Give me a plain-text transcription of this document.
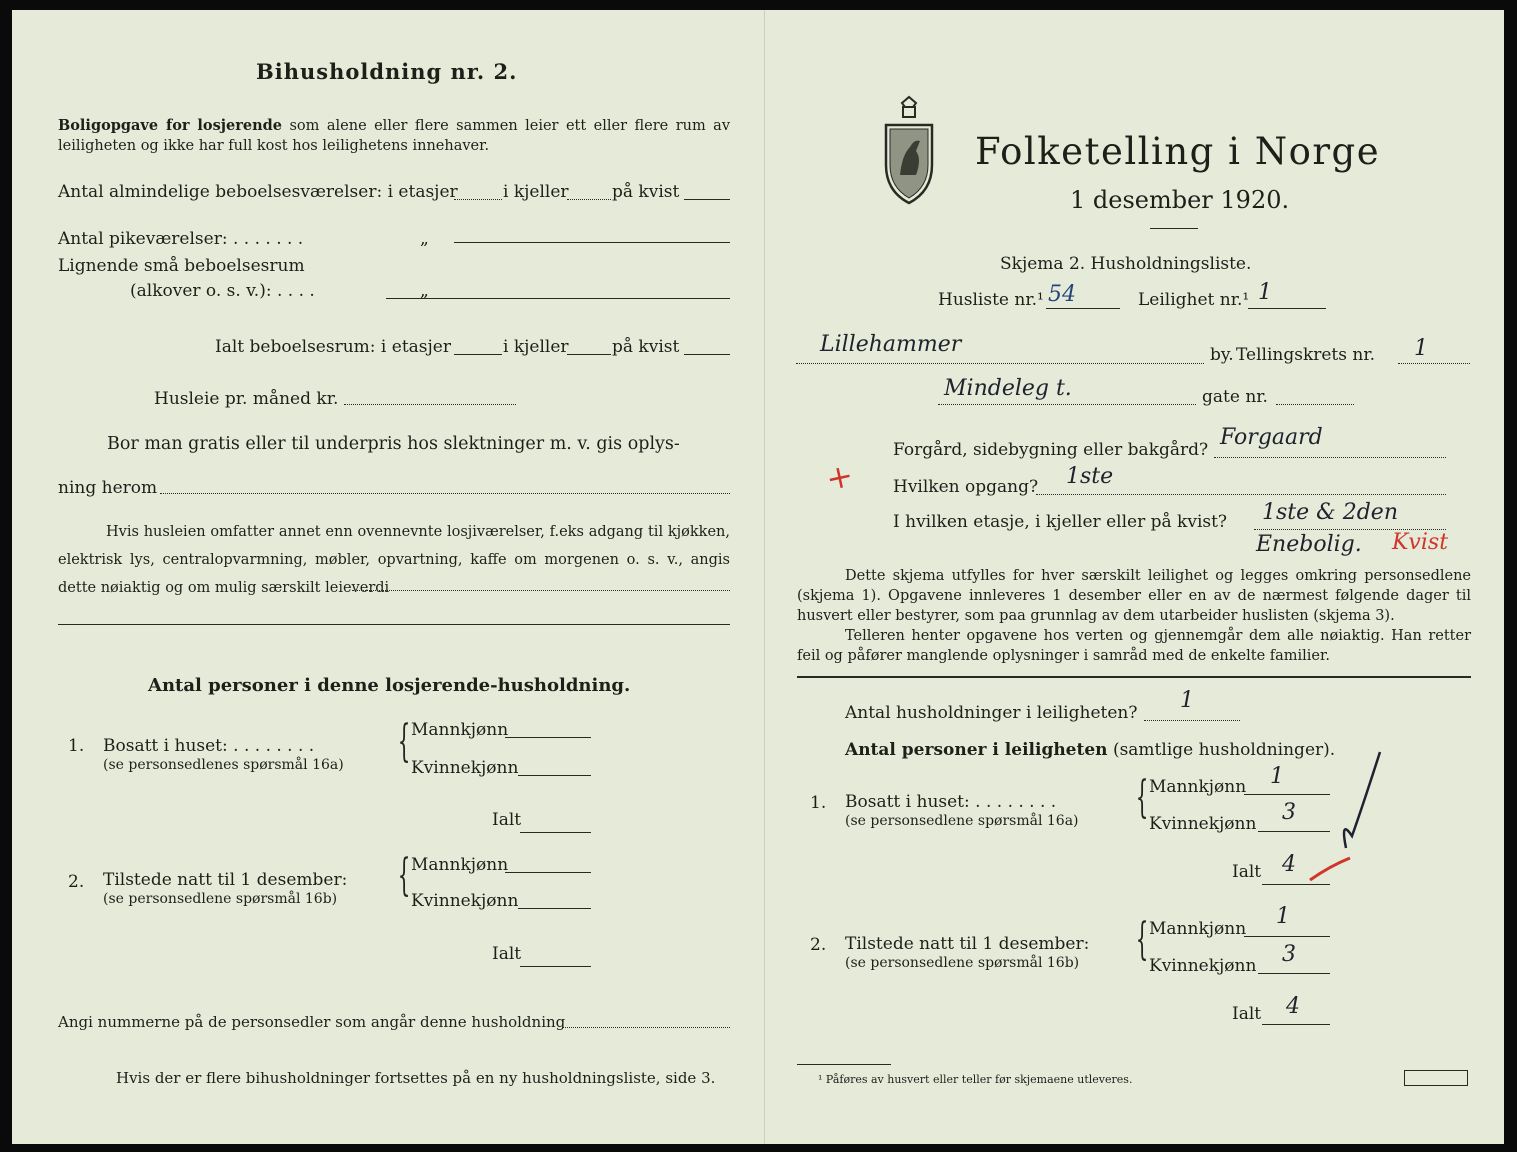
Bihusholdning nr. 2.
Boligopgave for losjerende som alene eller flere sammen leier ett eller flere rum av leiligheten og ikke har full kost hos leilighetens innehaver.
Antal almindelige beboelsesværelser: i etasjer	i kjeller	på kvist
Antal pikeværelser: . . . . . . .	„
Lignende små beboelsesrum
(alkover o. s. v.): . . . .	„
Ialt beboelsesrum: i etasjer	i kjeller	på kvist
Husleie pr. måned kr.
Bor man gratis eller til underpris hos slektninger m. v. gis oplys-
ning herom
Hvis husleien omfatter annet enn ovennevnte losjiværelser, f.eks adgang til kjøkken, elektrisk lys, centralopvarmning, møbler, opvartning, kaffe om morgenen o. s. v., angis dette nøiaktig og om mulig særskilt leieverdi
Antal personer i denne losjerende-husholdning.
1. Bosatt i huset: . . . . . . . .
(se personsedlenes spørsmål 16a) { Mannkjønn
Kvinnekjønn
Ialt
2. Tilstede natt til 1 desember:
(se personsedlene spørsmål 16b) { Mannkjønn
Kvinnekjønn
Ialt
Angi nummerne på de personsedler som angår denne husholdning
Hvis der er flere bihusholdninger fortsettes på en ny husholdningsliste, side 3.
Folketelling i Norge
1 desember 1920.
Skjema 2. Husholdningsliste.
Husliste nr.¹ 54	Leilighet nr.¹ 1
Lillehammer	by. Tellingskrets nr. 1
Mindeleg t.	gate nr.
+
Forgård, sidebygning eller bakgård? Forgaard
Hvilken opgang? 1ste
I hvilken etasje, i kjeller eller på kvist? 1ste & 2den
Enebolig. Kvist
Dette skjema utfylles for hver særskilt leilighet og legges omkring personsedlene (skjema 1). Opgavene innleveres 1 desember eller en av de nærmest følgende dager til husvert eller bestyrer, som paa grunnlag av dem utarbeider huslisten (skjema 3).
Telleren henter opgavene hos verten og gjennemgår dem alle nøiaktig. Han retter feil og påfører manglende oplysninger i samråd med de enkelte familier.
Antal husholdninger i leiligheten? 1
Antal personer i leiligheten (samtlige husholdninger).
1. Bosatt i huset: . . . . . . . .
(se personsedlene spørsmål 16a) { Mannkjønn 1
Kvinnekjønn 3
Ialt 4
2. Tilstede natt til 1 desember:
(se personsedlene spørsmål 16b) { Mannkjønn 1
Kvinnekjønn 3
Ialt 4
¹ Påføres av husvert eller teller før skjemaene utleveres.
